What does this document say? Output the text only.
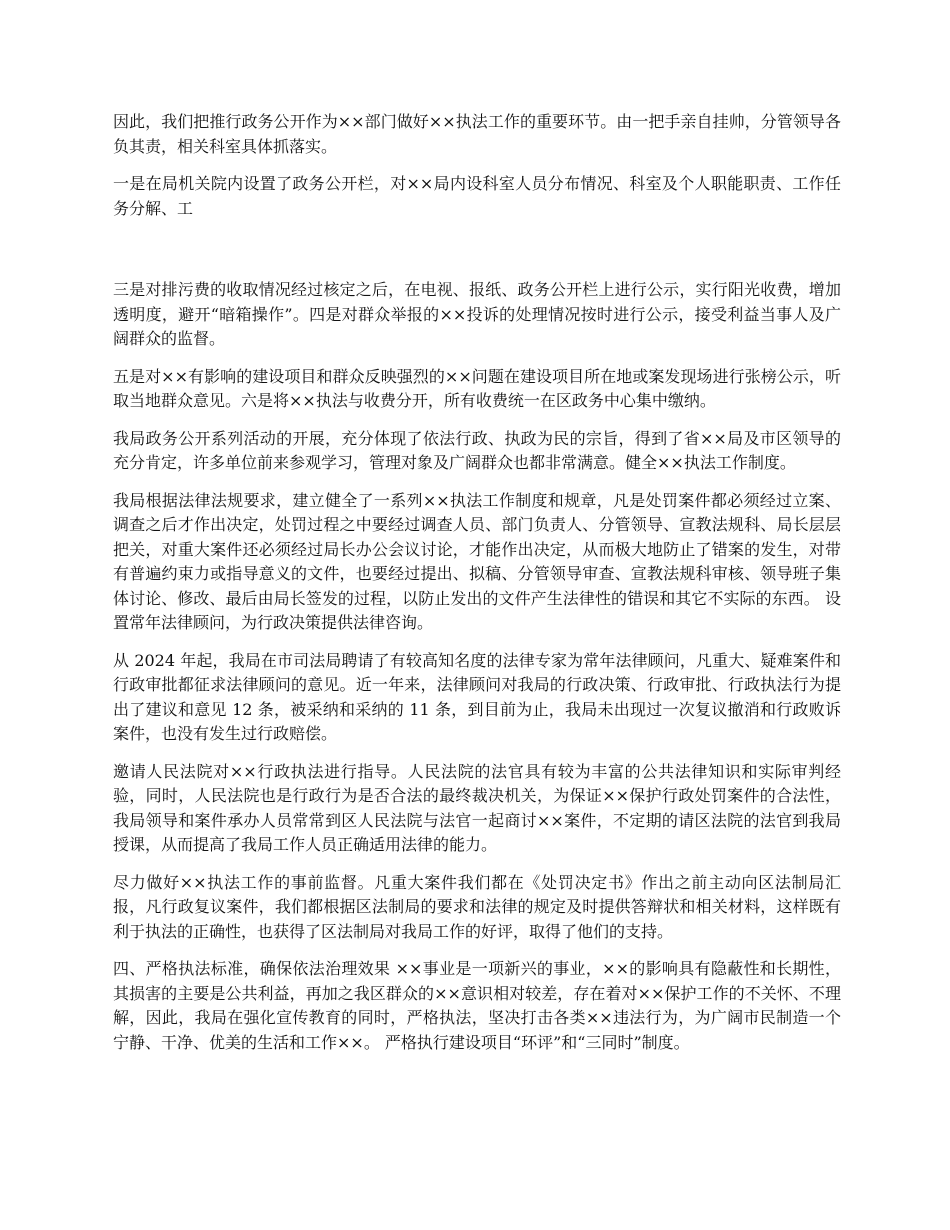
因此，我们把推行政务公开作为××部门做好××执法工作的重要环节。由一把手亲自挂帅，分管领导各负其责，相关科室具体抓落实。

一是在局机关院内设置了政务公开栏，对××局内设科室人员分布情况、科室及个人职能职责、工作任务分解、工

三是对排污费的收取情况经过核定之后，在电视、报纸、政务公开栏上进行公示，实行阳光收费，增加透明度，避开“暗箱操作”。四是对群众举报的××投诉的处理情况按时进行公示，接受利益当事人及广阔群众的监督。

五是对××有影响的建设项目和群众反映强烈的××问题在建设项目所在地或案发现场进行张榜公示，听取当地群众意见。六是将××执法与收费分开，所有收费统一在区政务中心集中缴纳。

我局政务公开系列活动的开展，充分体现了依法行政、执政为民的宗旨，得到了省××局及市区领导的充分肯定，许多单位前来参观学习，管理对象及广阔群众也都非常满意。健全××执法工作制度。

我局根据法律法规要求，建立健全了一系列××执法工作制度和规章，凡是处罚案件都必须经过立案、调查之后才作出决定，处罚过程之中要经过调查人员、部门负责人、分管领导、宣教法规科、局长层层把关，对重大案件还必须经过局长办公会议讨论，才能作出决定，从而极大地防止了错案的发生，对带有普遍约束力或指导意义的文件，也要经过提出、拟稿、分管领导审查、宣教法规科审核、领导班子集体讨论、修改、最后由局长签发的过程，以防止发出的文件产生法律性的错误和其它不实际的东西。 设置常年法律顾问，为行政决策提供法律咨询。

从 2024 年起，我局在市司法局聘请了有较高知名度的法律专家为常年法律顾问，凡重大、疑难案件和行政审批都征求法律顾问的意见。近一年来，法律顾问对我局的行政决策、行政审批、行政执法行为提出了建议和意见 12 条，被采纳和采纳的 11 条，到目前为止，我局未出现过一次复议撤消和行政败诉案件，也没有发生过行政赔偿。

邀请人民法院对××行政执法进行指导。人民法院的法官具有较为丰富的公共法律知识和实际审判经验，同时，人民法院也是行政行为是否合法的最终裁决机关，为保证××保护行政处罚案件的合法性，我局领导和案件承办人员常常到区人民法院与法官一起商讨××案件，不定期的请区法院的法官到我局授课，从而提高了我局工作人员正确适用法律的能力。

尽力做好××执法工作的事前监督。凡重大案件我们都在《处罚决定书》作出之前主动向区法制局汇报，凡行政复议案件，我们都根据区法制局的要求和法律的规定及时提供答辩状和相关材料，这样既有利于执法的正确性，也获得了区法制局对我局工作的好评，取得了他们的支持。

四、严格执法标准，确保依法治理效果 ××事业是一项新兴的事业，××的影响具有隐蔽性和长期性，其损害的主要是公共利益，再加之我区群众的××意识相对较差，存在着对××保护工作的不关怀、不理解，因此，我局在强化宣传教育的同时，严格执法，坚决打击各类××违法行为，为广阔市民制造一个宁静、干净、优美的生活和工作××。 严格执行建设项目“环评”和“三同时”制度。
